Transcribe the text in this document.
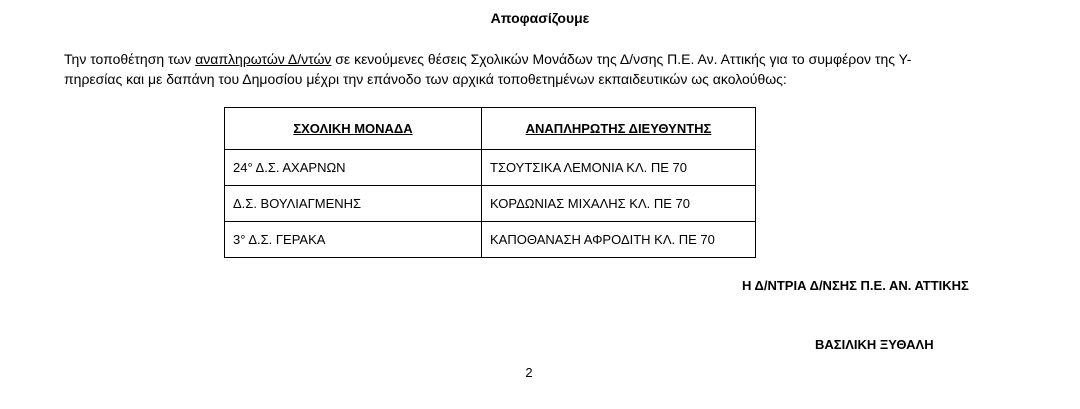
Αποφασίζουμε
Την τοποθέτηση των αναπληρωτών Δ/ντών σε κενούμενες θέσεις Σχολικών Μονάδων της Δ/νσης Π.Ε. Αν. Αττικής για το συμφέρον της Υ-
πηρεσίας και με δαπάνη του Δημοσίου μέχρι την επάνοδο των αρχικά τοποθετημένων εκπαιδευτικών ως ακολούθως:
ΣΧΟΛΙΚΗ ΜΟΝΑΔΑ	ΑΝΑΠΛΗΡΩΤΗΣ ΔΙΕΥΘΥΝΤΗΣ
24° Δ.Σ. ΑΧΑΡΝΩΝ	ΤΣΟΥΤΣΙΚΑ ΛΕΜΟΝΙΑ ΚΛ. ΠΕ 70
Δ.Σ. ΒΟΥΛΙΑΓΜΕΝΗΣ	ΚΟΡΔΩΝΙΑΣ ΜΙΧΑΛΗΣ ΚΛ. ΠΕ 70
3° Δ.Σ. ΓΕΡΑΚΑ	ΚΑΠΟΘΑΝΑΣΗ ΑΦΡΟΔΙΤΗ ΚΛ. ΠΕ 70
Η Δ/ΝΤΡΙΑ Δ/ΝΣΗΣ Π.Ε. ΑΝ. ΑΤΤΙΚΗΣ
ΒΑΣΙΛΙΚΗ ΞΥΘΑΛΗ
2
